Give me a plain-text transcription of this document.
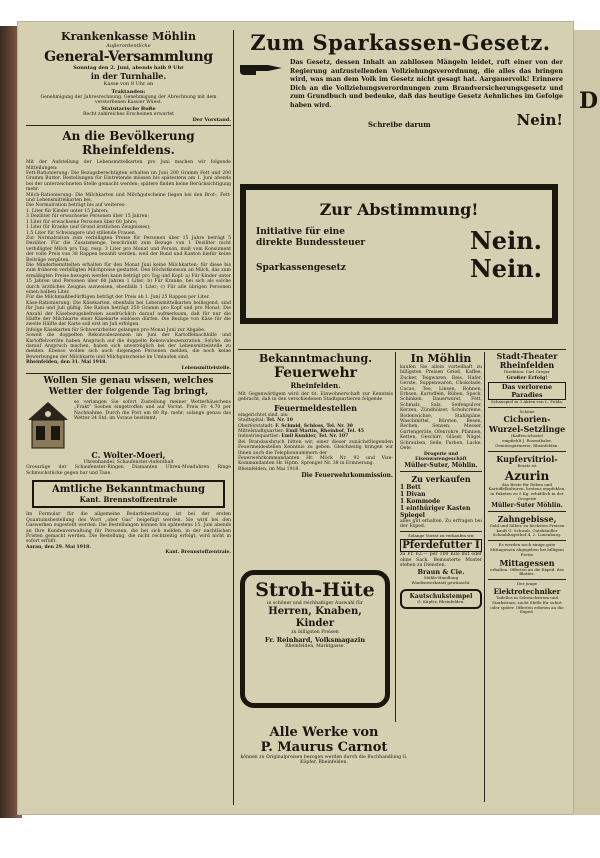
D
Krankenkasse Möhlin
Außerordentliche
General-Versammlung
Sonntag den 2. Juni, abends halb 9 Uhr
in der Turnhalle.
Kasse von 8 Uhr an
Traktanden:
Genehmigung der Jahresrechnung. Genehmigung der Abrechnung mit dem verstorbenen Kassier Wüest.
Statutarische Buße
Recht zahlreiches Erscheinen erwartet
Der Vorstand.
An die Bevölkerung Rheinfeldens.
Mit der Aufstellung der Lebensmittelkarten pro Juni machen wir folgende Mitteilungen:
Fett-Rationierung: Die Bezugsberechtigten erhalten im Juni 200 Gramm Fett und 200 Gramm Butter. Bestellungen für Eintretende müssen bis spätestens am 1. Juni abends bei der unterzeichneten Stelle gemacht werden; spätere finden keine Berücksichtigung mehr.
Milch-Rationierung: Die Milchkarten und Milchgutscheine liegen bei den Brot-, Fett- und Lebensmittelkarten bei.
Die Normalration beträgt bis auf weiteres:
1. Liter für Kinder unter 15 Jahren;
3 Deziliter für erwachsene Personen über 15 Jahren;
1 Liter für erwachsene Personen über 60 Jahre;
1 Liter für Kranke (auf Grund ärztlichen Zeugnisses);
1,5 Liter für Schwangere und stillende Frauen.
Zur Normalration zum verbilligten Preise für Personen über 15 Jahre beträgt 5 Deziliter. Für die Zusatzmenge, beschränkt zum Bezuge von 1 Deziliter nicht verbilligter Milch pro Tag, resp. 3 Liter pro Monat und Person, muß vom Konsument der volle Preis von 38 Rappen bezahlt werden, weil der Bund und Kanton hiefür keine Beiträge vergüten.
Die Minderbemittelten erhalten für den Monat Juni keine Milchkarten; für diese bis zum früheren verbilligten Milchpreise gestattet. Den Höchstkonsum an Milch, das zum ermäßigten Preise bezogen werden kann beträgt pro Tag und Kopf: a) Für Kinder unter 15 Jahren und Personen über 60 Jahren 1 Liter; b) Für Kranke, bei sich als solche durch ärztliches Zeugnis ausweisen, ebenfalls 1 Liter; c) Für alle übrigen Personen einen halben Liter.
Für die Milchmaßbedürftigen beträgt der Preis ab 1. Juni 25 Rappen per Liter.
Käse-Rationierung: Die Käsekarten, ebenfalls bei Lebensmittelkarten beiliegend, sind für Juni und Juli gültig. Die Ration beträgt 250 Gramm pro Kopf und pro Monat. Die Anzahl der Käsebezugsbefreien ausdrücklich darauf aufmerksam, daß für nur die Hälfte der Milchkarte einer Käsekarte einlösen dürfen. Die Bezüge von Käse für die zweite Hälfte der Karte soll erst im Juli erfolgen.
Infolge Käsekarten für Schwerarbeiter gelangen pro Monat Juni zur Abgabe.
Soweit die doppelten Rekonvaleszenzen im Juni der Kartoffelnachhilfe und Kartoffelvorräte haben Anspruch auf die doppelte Rekonvaleszenzration. Solche, die darauf Anspruch machen, haben sich unverzüglich bei der Lebensmittelstelle zu melden. Ebenso wollen sich auch diejenigen Personen melden, die noch keine Bewerbungen der Milchkarte und Milchgutscheine im Umlaufen sind.
Rheinfelden, den 31. Mai 1918.
Lebensmittelstelle.
Wollen Sie genau wissen, welches Wetter der folgende Tag bringt,
so verlangen Sie sofort Zustellung meiner Wetterhäuschens „Frakt“ Soeben eingetroffen und auf Vorrat. Preis Fr. 4.70 per Nachnahme. Durch die Post um 80 Rp. mehr, solange genau das Wetter 24 Std. im Voraus bestimmt.
C. Wolter-Moeri,
Uhrenhandel, Schaufenster-Aufenthalt
Grosszüge der Schaufenster-Ringen Diamanten Uhren-Monduhren Ringe Schmuckstücke gegen bar und Taxe.
Amtliche Bekanntmachung
Kant. Brennstoffzentrale
Im Formular für die allgemeine Bedarfsbestellung ist bei der ersten Quantumsbestellung des Wort „ober Gas“ beigefügt werden. Sie wird bei den Gaswerken zugestellt werden. Die Bestellungen können bis spätestens 15. Juni abends an Ihre Kundenverwaltung für Personen, die bei sich melden, in der nachtlichen Fristen gemacht werden. Die Bestellung, die nicht rechtzeitig erfolgt, wird nicht in sofort erfüllt.
Aarau, den 29. Mai 1918.
Kant. Brennstoffzentrale.
Zum Sparkassen-Gesetz.
Das Gesetz, dessen Inhalt an zahllosen Mängeln leidet, ruft einer von der Regierung aufzustellenden Vollziehungsverordnung, die alles das bringen wird, was man dem Volk im Gesetz nicht gesagt hat. Aargauervolk! Erinnere Dich an die Vollziehungsverordnungen zum Brandversicherungsgesetz und zum Grundbuch und bedenke, daß das heutige Gesetz Aehnliches im Gefolge haben wird.
Schreibe darum	Nein!
Zur Abstimmung!
Initiative für eine direkte Bundessteuer
Sparkassengesetz
Nein.
Nein.
Bekanntmachung.
Feuerwehr
Rheinfelden.
Mit Gegenwärtigem wird der tit. Einwohnerschaft zur Kenntnis gebracht, daß in den verschiedenen Stadtquartieren folgende
Feuermeldestellen
eingerichtet sind, als:
Stadtspital: Tel. Nr. 10
Oberforststadt: F. Schmid, Schloss, Tel. Nr. 30
Mittelstadtquartier: Emil Martin, Rheinhof, Tel. 45
Industriequartier: Emil Kunkler, Tel. Nr. 107
Bei Brandausbruch bitten wir, einer dieser zunächstliegenden Feuermeldestellen Kenntnis zu geben. Gleichzeitig bringen wir Ihnen auch die Telephonnummern der
Feuerwehrkommandanten Hr. Möck Nr. 92 und Vize-Kommandanten Hr. Hptm. Sprenger Nr. 38 in Erinnerung.
Rheinfelden, im Mai 1918.
Die Feuerwehrkommission.
Stroh-Hüte
in schöner und reichhaltiger Auswahl für
Herren, Knaben, Kinder
zu billigsten Preisen
Fr. Reinhard, Volksmagazin
Rheinfelden, Marktgasse.
Alle Werke von
P. Maurus Carnot
können zu Originalpreisen bezogen werden durch die Buchhandlung G. Küpfer, Rheinfelden.
In Möhlin
kaufen Sie allein vorteilhaft zu billigsten Preisen Grieß, Kaffee, Zucker, Teigwaren, Reis, Hafer, Gerste, Suppenwaren, Chokolade, Cacao, Tee, Linsen, Bohnen, Erbsen, Kartoffeln, Rüben, Speck, Schinken, Dauerwurst, Fett, Schmalz, Salz, Seifenpulver, Kerzen, Zündhölzer, Schuhcrème, Bodenwichse, Stahlspäne, Waschmittel, Bürsten, Besen, Rechen, Sensen, Messer, Gartengeräte, Ofenrohre, Pfannen, Ketten, Geschirr, Gläser, Nägel, Schrauben, Seile, Farben, Lacke, Oele.
Drogerie und Eisenwarengeschäft
Müller-Suter, Möhlin.
Zu verkaufen
1 Bett
1 Divan
1 Kommode
1 einthüriger Kasten
Spiegel
alles gut erhalten. Zu erfragen bei der Exped.
Solange Vorrat zu verkaufen wir
Pferdefutter I
zu Fr. 62.— per 100 Kilo mit oder ohne Sack. Bemusterte Muster stehen zu Diensten.
Braun & Cie.
Mühle-Handlung
Windenwerkstatt gewünscht.
Kautschukstempel
G. Küpfer, Rheinfelden.
Stadt-Theater Rheinfelden
Direktion: Carl Greger
Großer Erfolg!
Das verlorene Paradies
Schauspiel in 3 Akten von L. Fulda.
Schöne
Cichorien-Wurzel-Setzlinge
(Kaffeecichorie)
empfiehlt J. Rosenthaler, Gemüsegärtnerei, Rheinfelden.
Kupfervitriol-
Ersatz ist
Azurin
das Beste für Reben und Kartoffelkulturen, bestens empfohlen, in Paketen zu 5 Kg. erhältlich in der Drogerie
Müller-Suter Möhlin.
Zahngebisse,
Gold und Silber, zu höchsten Preisen kauft G. Schwab, Gutshändler Schaublingerhof 4, 2. Lonenburg.
Es werden noch einige gute Mittagessen abgegeben bei billigem Preise
Mittagessen
erhalten. Offerten an die Exped. des Blattes.
Der junge
Elektrotechniker
Tadellos in Schwachstrom und Starkstrom, sucht Stelle für sofort oder später. Offerten erbeten an die Exped.
